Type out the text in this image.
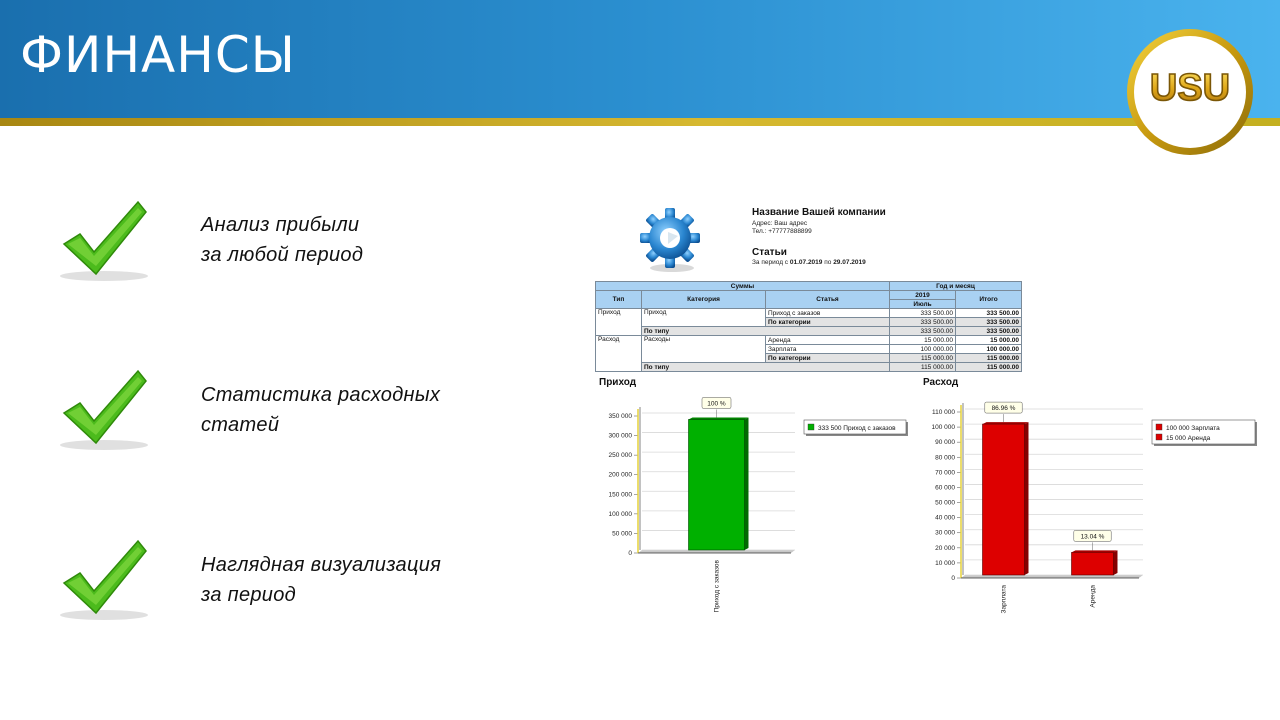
ФИНАНСЫ
USU
Анализ прибыли
за любой период
Статистика расходных
статей
Наглядная визуализация
за период
Название Вашей компании
Адрес: Ваш адрес
Тел.: +77777888899
Статьи
За период с 01.07.2019 по 29.07.2019
Суммы			Год и месяц	
Тип	Категория	Статья	2019	Итого
			Июль	
Приход	Приход	Приход с заказов	333 500.00	333 500.00
		По категории	333 500.00	333 500.00
	По типу		333 500.00	333 500.00
Расход	Расходы	Аренда	15 000.00	15 000.00
		Зарплата	100 000.00	100 000.00
		По категории	115 000.00	115 000.00
	По типу		115 000.00	115 000.00
Приход	Расход
0
50 000
100 000
150 000
200 000
250 000
300 000
350 000
100 %
Приход с заказов
333 500 Приход с заказов
0
10 000
20 000
30 000
40 000
50 000
60 000
70 000
80 000
90 000
100 000
110 000
86.96 %
Зарплата
13.04 %
Аренда
100 000 Зарплата
15 000 Аренда
